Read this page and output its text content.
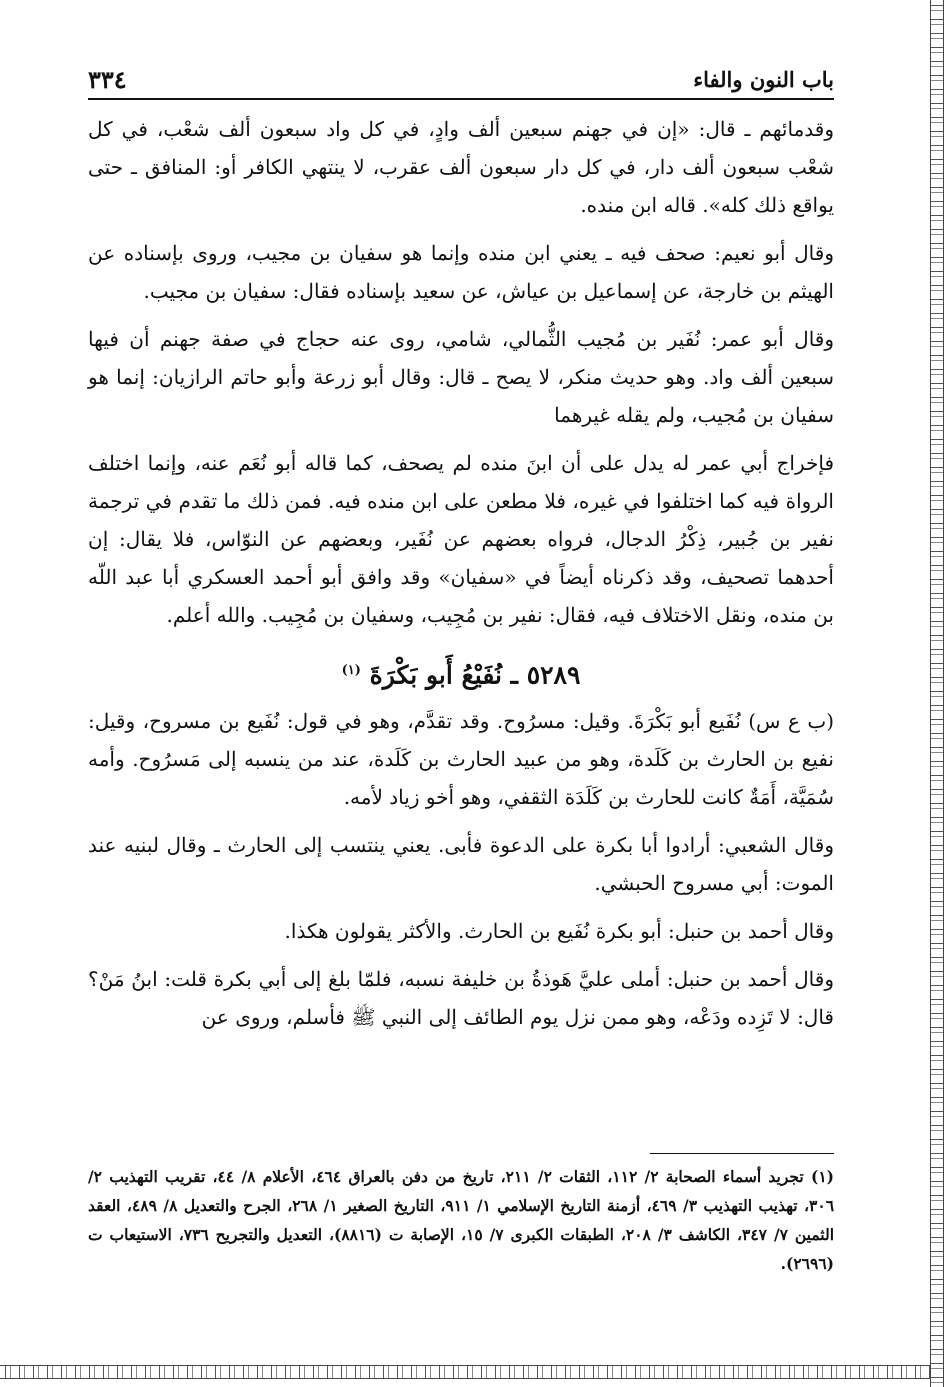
باب النون والفاء
٣٣٤

وقدمائهم ـ قال: «إن في جهنم سبعين ألف وادٍ، في كل واد سبعون ألف شعْب، في كل شعْب سبعون ألف دار، في كل دار سبعون ألف عقرب، لا ينتهي الكافر أو: المنافق ـ حتى يواقع ذلك كله». قاله ابن منده.

وقال أبو نعيم: صحف فيه ـ يعني ابن منده وإنما هو سفيان بن مجيب، وروى بإسناده عن الهيثم بن خارجة، عن إسماعيل بن عياش، عن سعيد بإسناده فقال: سفيان بن مجيب.

وقال أبو عمر: نُفَير بن مُجيب الثُّمالي، شامي، روى عنه حجاج في صفة جهنم أن فيها سبعين ألف واد. وهو حديث منكر، لا يصح ـ قال: وقال أبو زرعة وأبو حاتم الرازيان: إنما هو سفيان بن مُجيب، ولم يقله غيرهما

فإخراج أبي عمر له يدل على أن ابنَ منده لم يصحف، كما قاله أبو نُعَم عنه، وإنما اختلف الرواة فيه كما اختلفوا في غيره، فلا مطعن على ابن منده فيه. فمن ذلك ما تقدم في ترجمة نفير بن جُبير، ذِكْرُ الدجال، فرواه بعضهم عن نُفَير، وبعضهم عن النوّاس، فلا يقال: إن أحدهما تصحيف، وقد ذكرناه أيضاً في «سفيان» وقد وافق أبو أحمد العسكري أبا عبد اللّه بن منده، ونقل الاختلاف فيه، فقال: نفير بن مُجِيب، وسفيان بن مُجِيب. والله أعلم.

٥٢٨٩ ـ نُفَيْعُ أَبو بَكْرَةَ $^{(١)}$

(ب ع س) نُفَيع أبو بَكْرَةَ. وقيل: مسرُوح. وقد تقدَّم، وهو في قول: نُفَيع بن مسروح، وقيل: نفيع بن الحارث بن كَلَدة، وهو من عبيد الحارث بن كَلَدة، عند من ينسبه إلى مَسرُوح. وأمه سُمَيَّة، أَمَةٌ كانت للحارث بن كَلَدَة الثقفي، وهو أخو زياد لأمه.

وقال الشعبي: أرادوا أبا بكرة على الدعوة فأبى. يعني ينتسب إلى الحارث ـ وقال لبنيه عند الموت: أبي مسروح الحبشي.

وقال أحمد بن حنبل: أبو بكرة نُفَيع بن الحارث. والأكثر يقولون هكذا.

وقال أحمد بن حنبل: أملى عليَّ هَوذةُ بن خليفة نسبه، فلمّا بلغ إلى أبي بكرة قلت: ابنُ مَنْ؟ قال: لا تَزِده ودَعْه، وهو ممن نزل يوم الطائف إلى النبي ﷺ فأسلم، وروى عن

(١) تجريد أسماء الصحابة ٢/ ١١٢، الثقات ٢/ ٢١١، تاريخ من دفن بالعراق ٤٦٤، الأعلام ٨/ ٤٤، تقريب التهذيب ٢/ ٣٠٦، تهذيب التهذيب ٣/ ٤٦٩، أزمنة التاريخ الإسلامي ١/ ٩١١، التاريخ الصغير ١/ ٢٦٨، الجرح والتعديل ٨/ ٤٨٩، العقد الثمين ٧/ ٣٤٧، الكاشف ٣/ ٢٠٨، الطبقات الكبرى ٧/ ١٥، الإصابة ت (٨٨١٦)، التعديل والتجريح ٧٣٦، الاستيعاب ت (٢٦٩٦).
